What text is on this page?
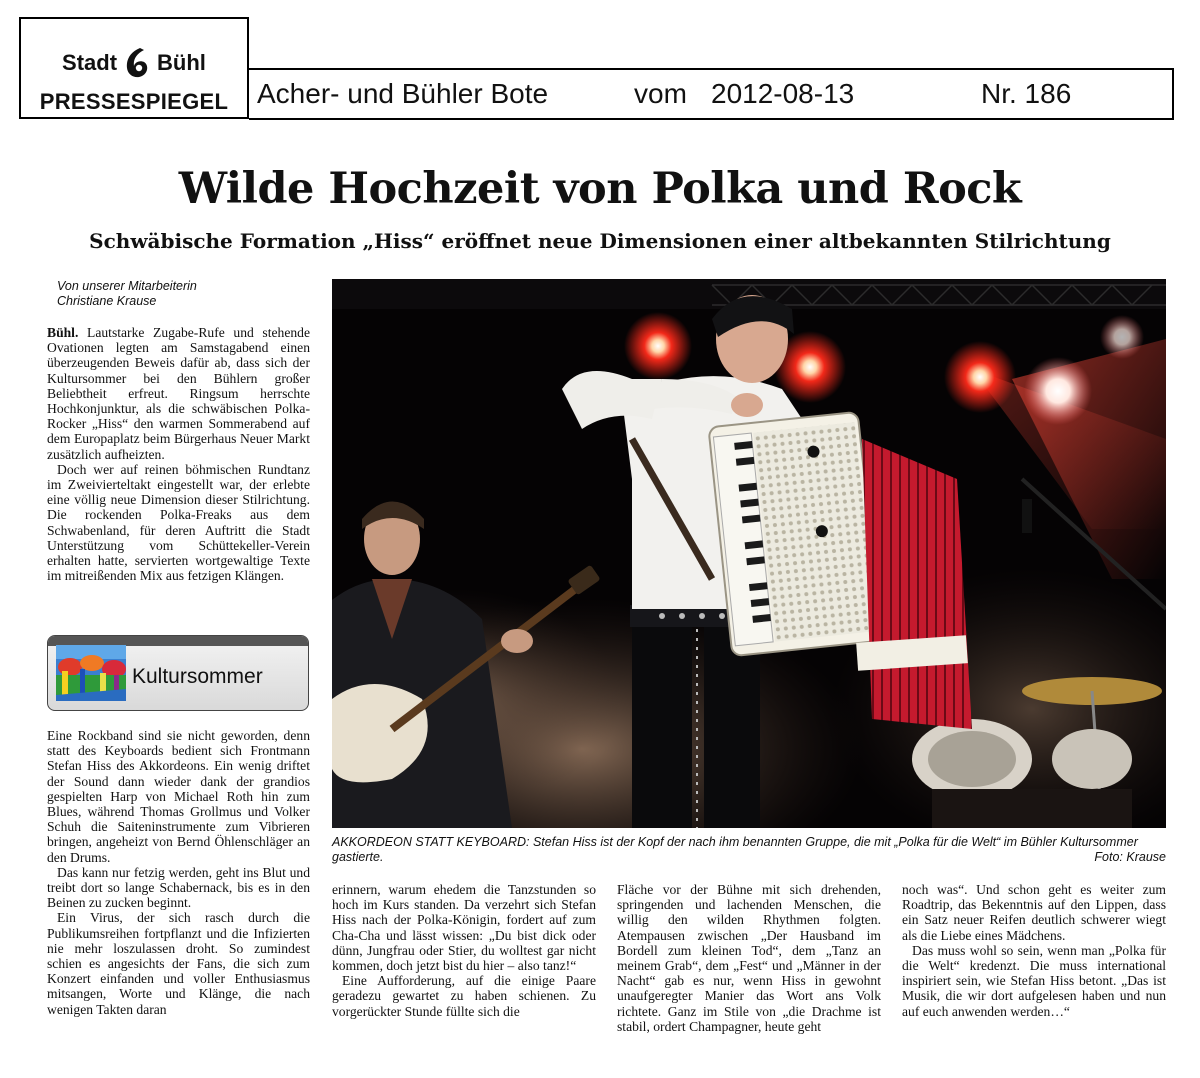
Stadt Bühl
PRESSESPIEGEL	Acher- und Bühler Bote	vom 2012-08-13	Nr. 186
Wilde Hochzeit von Polka und Rock
Schwäbische Formation „Hiss“ eröffnet neue Dimensionen einer altbekannten Stilrichtung
Von unserer Mitarbeiterin
Christiane Krause

Bühl. Lautstarke Zugabe-Rufe und stehende Ovationen legten am Samstagabend einen überzeugenden Beweis dafür ab, dass sich der Kultursommer bei den Bühlern großer Beliebtheit erfreut. Ringsum herrschte Hochkonjunktur, als die schwäbischen Polka-Rocker „Hiss“ den warmen Sommerabend auf dem Europaplatz beim Bürgerhaus Neuer Markt zusätzlich aufheizten.

Doch wer auf reinen böhmischen Rundtanz im Zweivierteltakt eingestellt war, der erlebte eine völlig neue Dimension dieser Stilrichtung. Die rockenden Polka-Freaks aus dem Schwabenland, für deren Auftritt die Stadt Unterstützung vom Schüttekeller-Verein erhalten hatte, servierten wortgewaltige Texte im mitreißenden Mix aus fetzigen Klängen.

Kultursommer

Eine Rockband sind sie nicht geworden, denn statt des Keyboards bedient sich Frontmann Stefan Hiss des Akkordeons. Ein wenig driftet der Sound dann wieder dank der grandios gespielten Harp von Michael Roth hin zum Blues, während Thomas Grollmus und Volker Schuh die Saiteninstrumente zum Vibrieren bringen, angeheizt von Bernd Öhlenschläger an den Drums.

Das kann nur fetzig werden, geht ins Blut und treibt dort so lange Schabernack, bis es in den Beinen zu zucken beginnt.

Ein Virus, der sich rasch durch die Publikumsreihen fortpflanzt und die Infizierten nie mehr loszulassen droht. So zumindest schien es angesichts der Fans, die sich zum Konzert einfanden und voller Enthusiasmus mitsangen, Worte und Klänge, die nach wenigen Takten daran

AKKORDEON STATT KEYBOARD: Stefan Hiss ist der Kopf der nach ihm benannten Gruppe, die mit „Polka für die Welt“ im Bühler Kultursommer gastierte.	Foto: Krause

erinnern, warum ehedem die Tanzstunden so hoch im Kurs standen. Da verzehrt sich Stefan Hiss nach der Polka-Königin, fordert auf zum Cha-Cha und lässt wissen: „Du bist dick oder dünn, Jungfrau oder Stier, du wolltest gar nicht kommen, doch jetzt bist du hier – also tanz!“

Eine Aufforderung, auf die einige Paare geradezu gewartet zu haben schienen. Zu vorgerückter Stunde füllte sich die

Fläche vor der Bühne mit sich drehenden, springenden und lachenden Menschen, die willig den wilden Rhythmen folgten. Atempausen zwischen „Der Hausband im Bordell zum kleinen Tod“, dem „Tanz an meinem Grab“, dem „Fest“ und „Männer in der Nacht“ gab es nur, wenn Hiss in gewohnt unaufgeregter Manier das Wort ans Volk richtete. Ganz im Stile von „die Drachme ist stabil, ordert Champagner, heute geht

noch was“. Und schon geht es weiter zum Roadtrip, das Bekenntnis auf den Lippen, dass ein Satz neuer Reifen deutlich schwerer wiegt als die Liebe eines Mädchens.

Das muss wohl so sein, wenn man „Polka für die Welt“ kredenzt. Die muss international inspiriert sein, wie Stefan Hiss betont. „Das ist Musik, die wir dort aufgelesen haben und nun auf euch anwenden werden…“
